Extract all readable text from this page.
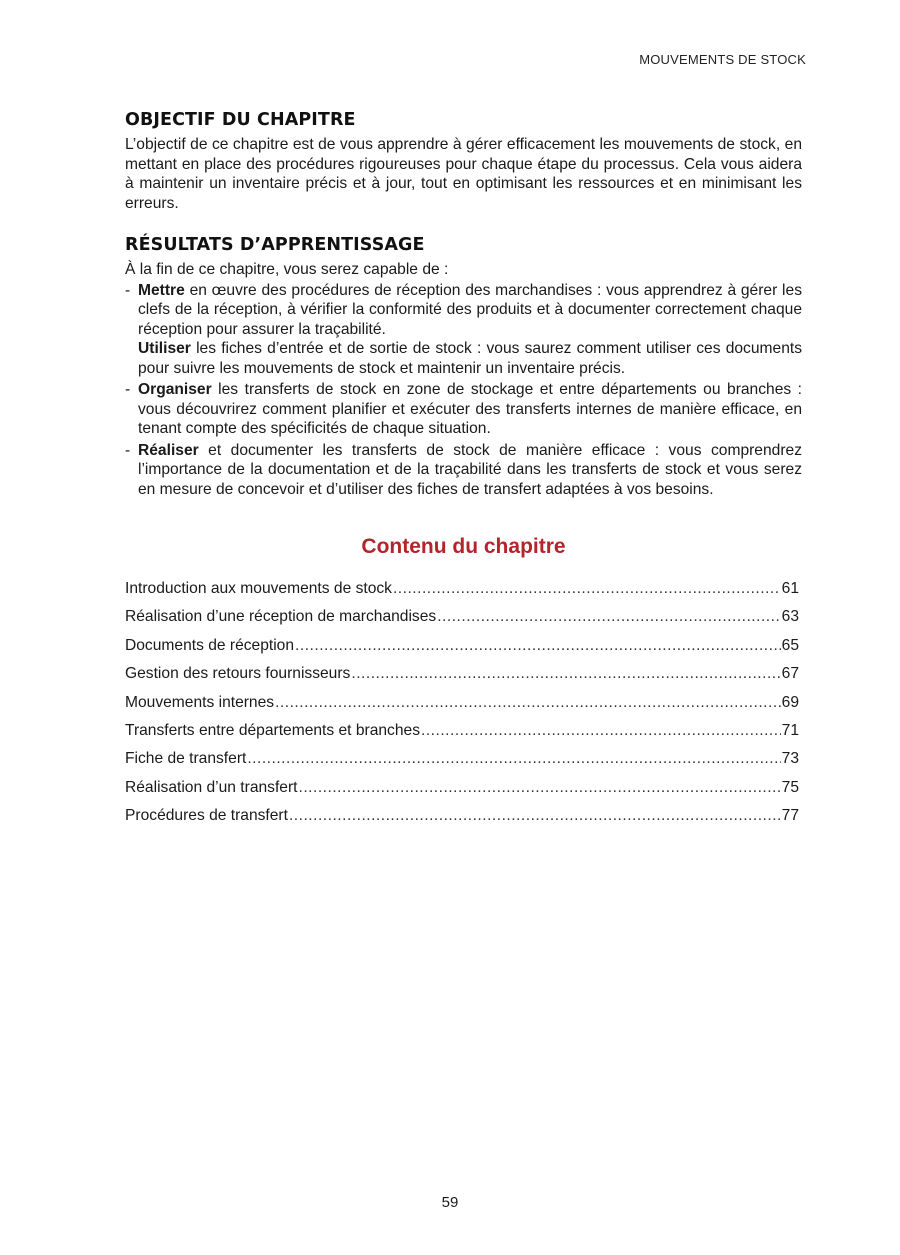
MOUVEMENTS DE STOCK
OBJECTIF DU CHAPITRE

L’objectif de ce chapitre est de vous apprendre à gérer efficacement les mouvements de stock, en mettant en place des procédures rigoureuses pour chaque étape du processus. Cela vous aidera à maintenir un inventaire précis et à jour, tout en optimisant les ressources et en minimisant les erreurs.

RÉSULTATS D’APPRENTISSAGE

À la fin de ce chapitre, vous serez capable de :

- Mettre en œuvre des procédures de réception des marchandises : vous apprendrez à gérer les clefs de la réception, à vérifier la conformité des produits et à documenter correctement chaque réception pour assurer la traçabilité.
Utiliser les fiches d’entrée et de sortie de stock : vous saurez comment utiliser ces documents pour suivre les mouvements de stock et maintenir un inventaire précis.
- Organiser les transferts de stock en zone de stockage et entre départements ou branches : vous découvrirez comment planifier et exécuter des transferts internes de manière efficace, en tenant compte des spécificités de chaque situation.
- Réaliser et documenter les transferts de stock de manière efficace : vous comprendrez l’importance de la documentation et de la traçabilité dans les transferts de stock et vous serez en mesure de concevoir et d’utiliser des fiches de transfert adaptées à vos besoins.
Contenu du chapitre
Introduction aux mouvements de stock .....	61
Réalisation d’une réception de marchandises .....	63
Documents de réception .....	65
Gestion des retours fournisseurs .....	67
Mouvements internes .....	69
Transferts entre départements et branches .....	71
Fiche de transfert .....	73
Réalisation d’un transfert .....	75
Procédures de transfert .....	77
59
